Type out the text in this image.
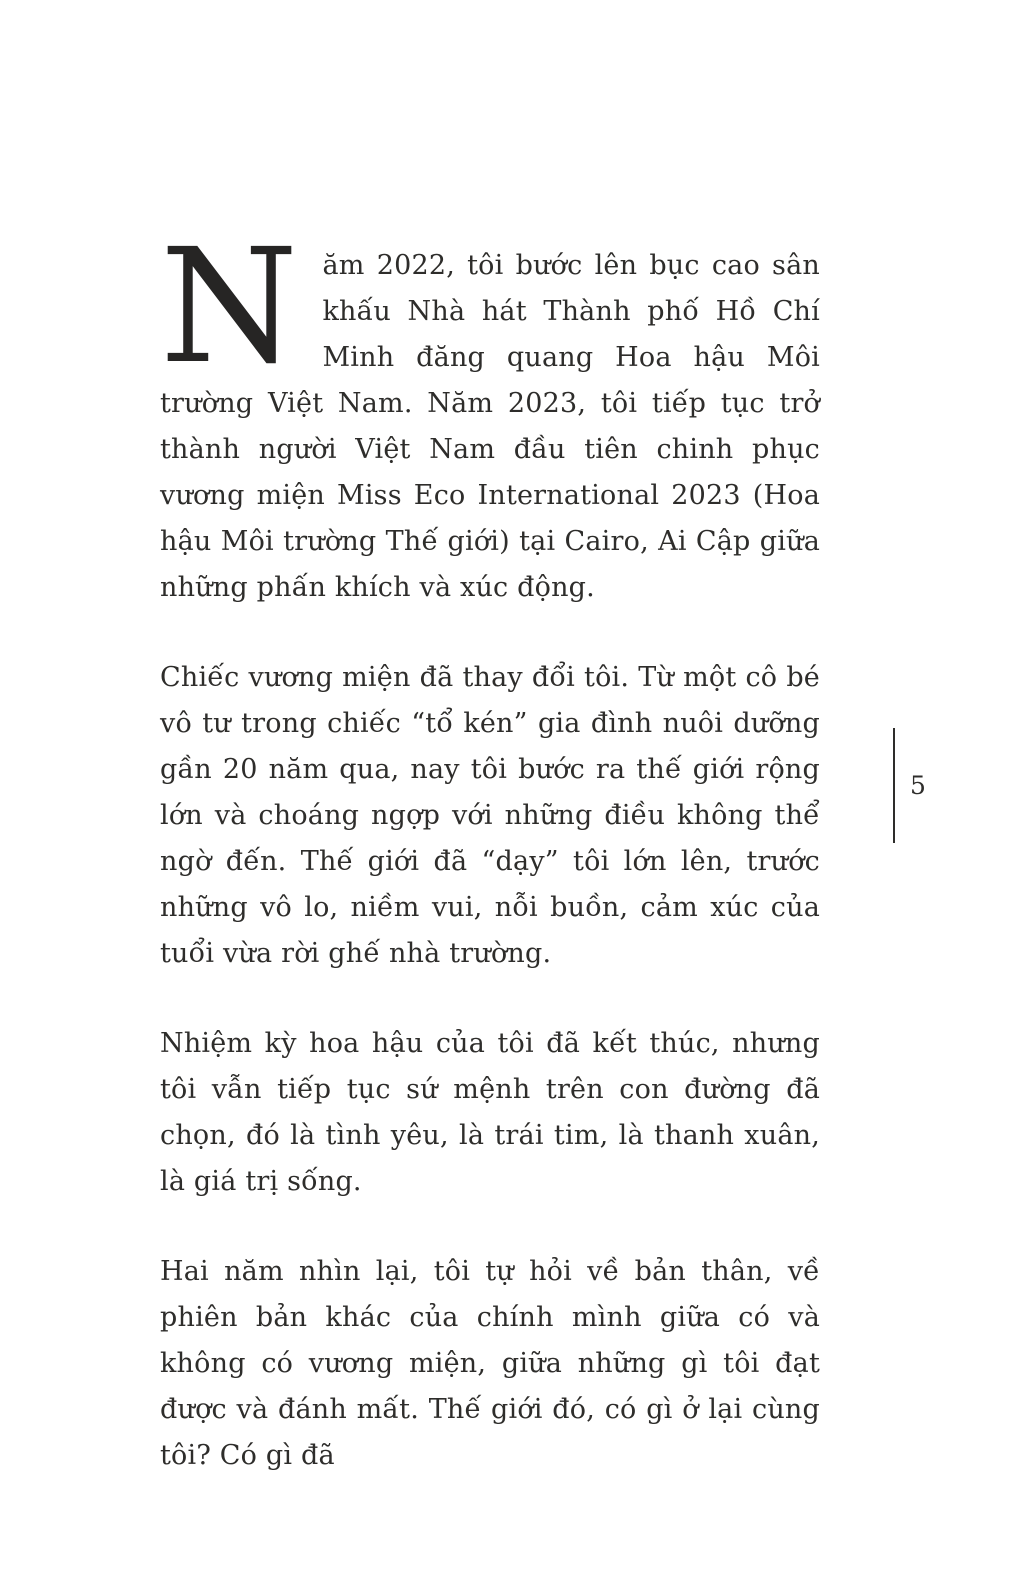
Năm 2022, tôi bước lên bục cao sân khấu Nhà hát Thành phố Hồ Chí Minh đăng quang Hoa hậu Môi trường Việt Nam. Năm 2023, tôi tiếp tục trở thành người Việt Nam đầu tiên chinh phục vương miện Miss Eco International 2023 (Hoa hậu Môi trường Thế giới) tại Cairo, Ai Cập giữa những phấn khích và xúc động.

Chiếc vương miện đã thay đổi tôi. Từ một cô bé vô tư trong chiếc “tổ kén” gia đình nuôi dưỡng gần 20 năm qua, nay tôi bước ra thế giới rộng lớn và choáng ngợp với những điều không thể ngờ đến. Thế giới đã “dạy” tôi lớn lên, trước những vô lo, niềm vui, nỗi buồn, cảm xúc của tuổi vừa rời ghế nhà trường.

Nhiệm kỳ hoa hậu của tôi đã kết thúc, nhưng tôi vẫn tiếp tục sứ mệnh trên con đường đã chọn, đó là tình yêu, là trái tim, là thanh xuân, là giá trị sống.

Hai năm nhìn lại, tôi tự hỏi về bản thân, về phiên bản khác của chính mình giữa có và không có vương miện, giữa những gì tôi đạt được và đánh mất. Thế giới đó, có gì ở lại cùng tôi? Có gì đã

5
